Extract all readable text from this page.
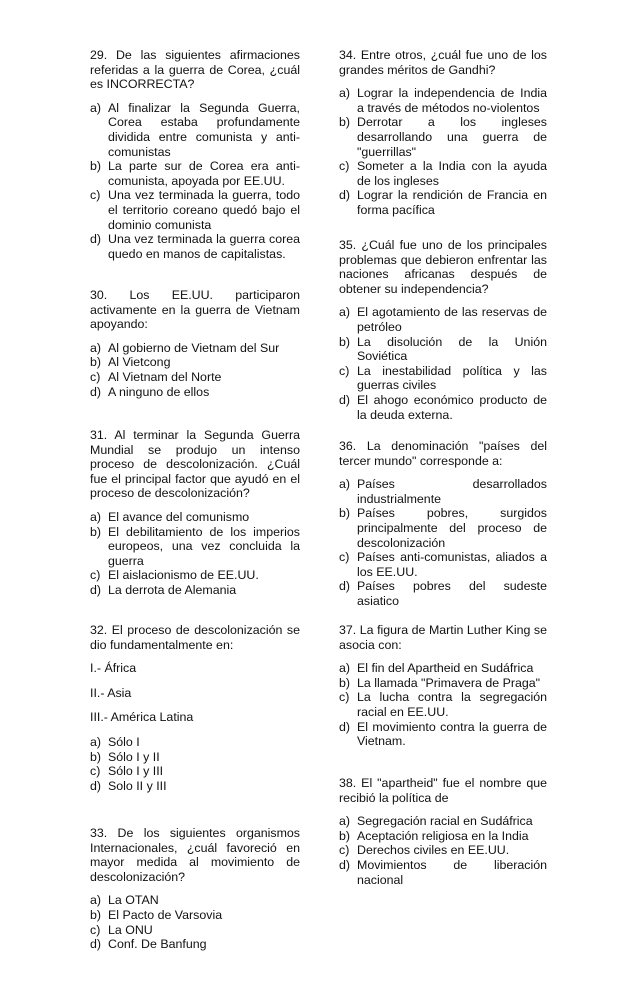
29. De las siguientes afirmaciones referidas a la guerra de Corea, ¿cuál es INCORRECTA?

a) Al finalizar la Segunda Guerra, Corea estaba profundamente dividida entre comunista y anti-comunistas
b) La parte sur de Corea era anti-comunista, apoyada por EE.UU.
c) Una vez terminada la guerra, todo el territorio coreano quedó bajo el dominio comunista
d) Una vez terminada la guerra corea quedo en manos de capitalistas.

30. Los EE.UU. participaron activamente en la guerra de Vietnam apoyando:

a) Al gobierno de Vietnam del Sur
b) Al Vietcong
c) Al Vietnam del Norte
d) A ninguno de ellos

31. Al terminar la Segunda Guerra Mundial se produjo un intenso proceso de descolonización. ¿Cuál fue el principal factor que ayudó en el proceso de descolonización?

a) El avance del comunismo
b) El debilitamiento de los imperios europeos, una vez concluida la guerra
c) El aislacionismo de EE.UU.
d) La derrota de Alemania

32. El proceso de descolonización se dio fundamentalmente en:

I.- África
II.- Asia
III.- América Latina
a) Sólo I
b) Sólo I y II
c) Sólo I y III
d) Solo II y III

33. De los siguientes organismos Internacionales, ¿cuál favoreció en mayor medida al movimiento de descolonización?

a) La OTAN
b) El Pacto de Varsovia
c) La ONU
d) Conf. De Banfung

34. Entre otros, ¿cuál fue uno de los grandes méritos de Gandhi?

a) Lograr la independencia de India a través de métodos no-violentos
b) Derrotar a los ingleses desarrollando una guerra de "guerrillas"
c) Someter a la India con la ayuda de los ingleses
d) Lograr la rendición de Francia en forma pacífica

35. ¿Cuál fue uno de los principales problemas que debieron enfrentar las naciones africanas después de obtener su independencia?

a) El agotamiento de las reservas de petróleo
b) La disolución de la Unión Soviética
c) La inestabilidad política y las guerras civiles
d) El ahogo económico producto de la deuda externa.

36. La denominación "países del tercer mundo" corresponde a:

a) Países desarrollados industrialmente
b) Países pobres, surgidos principalmente del proceso de descolonización
c) Países anti-comunistas, aliados a los EE.UU.
d) Países pobres del sudeste asiatico

37. La figura de Martin Luther King se asocia con:

a) El fin del Apartheid en Sudáfrica
b) La llamada "Primavera de Praga"
c) La lucha contra la segregación racial en EE.UU.
d) El movimiento contra la guerra de Vietnam.

38. El "apartheid" fue el nombre que recibió la política de

a) Segregación racial en Sudáfrica
b) Aceptación religiosa en la India
c) Derechos civiles en EE.UU.
d) Movimientos de liberación nacional
